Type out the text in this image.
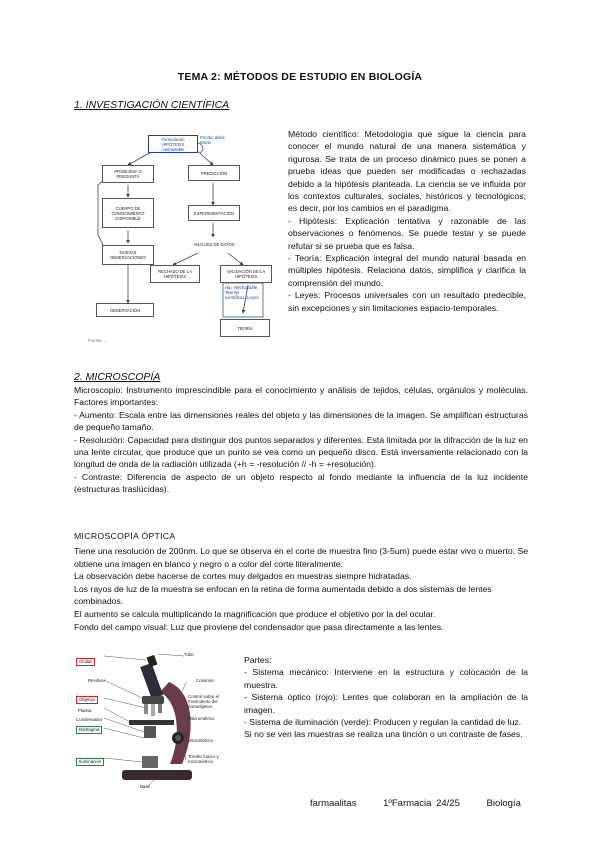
TEMA 2: MÉTODOS DE ESTUDIO EN BIOLOGÍA
1. INVESTIGACIÓN CIENTÍFICA
Formulación HIPÓTESIS contrastable
PROBLEMA O PREGUNTA
PREDICCIÓN
CUERPO DE CONOCIMIENTO DISPONIBLE
EXPERIMENTACIÓN
ANÁLISIS DE DATOS
NUEVAS OBSERVACIONES
RECHAZO DE LA HIPÓTESIS
VALIDACIÓN DE LA HIPÓTESIS
OBSERVACIÓN
TEORÍA
Fondo, decir, teoria
Hip. Rechazable, Teorías científicas, Leyes
Fuente: ...

Método científico: Metodología que sigue la ciencia para conocer el mundo natural de una manera sistemática y rigurosa. Se trata de un proceso dinámico pues se ponen a prueba ideas que pueden ser modificadas o rechazadas debido a la hipótesis planteada. La ciencia se ve influida por los contextos culturales, sociales, históricos y tecnológicos; es decir, por los cambios en el paradigma.

- Hipótesis: Explicación tentativa y razonable de las observaciones o fenómenos. Se puede testar y se puede refutar si se prueba que es falsa.

- Teoría: Explicación integral del mundo natural basada en múltiples hipótesis. Relaciona datos, simplifica y clarifica la comprensión del mundo.

- Leyes: Procesos universales con un resultado predecible, sin excepciones y sin limitaciones espacio-temporales.

2. MICROSCOPÍA

Microscopio: Instrumento imprescindible para el conocimiento y análisis de tejidos, células, orgánulos y moléculas. Factores importantes:

- Aumento: Escala entre las dimensiones reales del objeto y las dimensiones de la imagen. Se amplifican estructuras de pequeño tamaño.

- Resolución: Capacidad para distinguir dos puntos separados y diferentes. Está limitada por la difracción de la luz en una lente circular, que produce que un punto se vea como un pequeño disco. Está inversamente relacionado con la longitud de onda de la radiación utilizada (+h = -resolución // -h = +resolución).

- Contraste: Diferencia de aspecto de un objeto respecto al fondo mediante la influencia de la luz incidente (estructuras traslúcidas).

MICROSCOPÍA ÓPTICA

Tiene una resolución de 200nm. Lo que se observa en el corte de muestra fino (3-5um) puede estar vivo o muerto. Se obtiene una imagen en blanco y negro o a color del corte literalmente.

La observación debe hacerse de cortes muy delgados en muestras siempre hidratadas.

Los rayos de luz de la muestra se enfocan en la retina de forma aumentada debido a dos sistemas de lentes combinados.

El aumento se calcula multiplicando la magnificación que produce el objetivo por la del ocular.

Fondo del campo visual: Luz que proviene del condensador que pasa directamente a las lentes.

Ocular
Revólver
Objetivo
Platina
Condensador
Diafragma
Iluminación
Tubo
Columna
Control sobre el movimiento del portaobjetos
Macrométrico
Micrométrico
Tornillo macro y micrométrico
Base

Partes:

- Sistema mecánico: Interviene en la estructura y colocación de la muestra.

- Sistema óptico (rojo): Lentes que colaboran en la ampliación de la imagen.

- Sistema de iluminación (verde): Producen y regulan la cantidad de luz.

Si no se ven las muestras se realiza una tinción o un contraste de fases.

farmaalitas	1ºFarmacia 24/25	Biología
